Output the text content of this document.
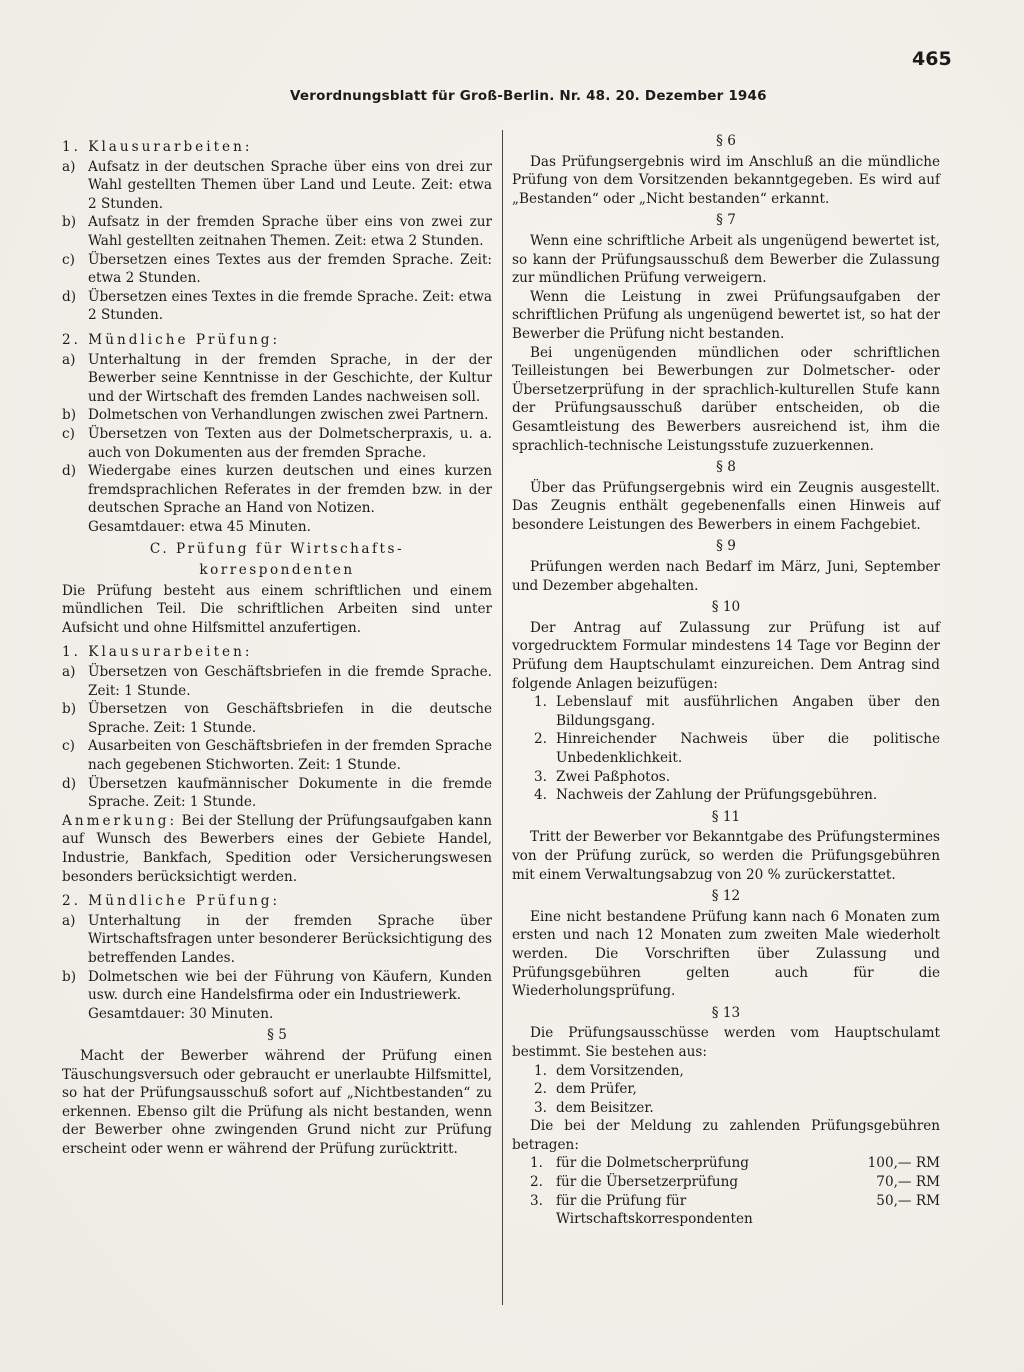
465
Verordnungsblatt für Groß-Berlin. Nr. 48. 20. Dezember 1946

1. Klausurarbeiten:

a) Aufsatz in der deutschen Sprache über eins von drei zur Wahl gestellten Themen über Land und Leute. Zeit: etwa 2 Stunden.
b) Aufsatz in der fremden Sprache über eins von zwei zur Wahl gestellten zeitnahen Themen. Zeit: etwa 2 Stunden.
c) Übersetzen eines Textes aus der fremden Sprache. Zeit: etwa 2 Stunden.
d) Übersetzen eines Textes in die fremde Sprache. Zeit: etwa 2 Stunden.

2. Mündliche Prüfung:

a) Unterhaltung in der fremden Sprache, in der der Bewerber seine Kenntnisse in der Geschichte, der Kultur und der Wirtschaft des fremden Landes nachweisen soll.
b) Dolmetschen von Verhandlungen zwischen zwei Partnern.
c) Übersetzen von Texten aus der Dolmetscherpraxis, u. a. auch von Dokumenten aus der fremden Sprache.
d) Wiedergabe eines kurzen deutschen und eines kurzen fremdsprachlichen Referates in der fremden bzw. in der deutschen Sprache an Hand von Notizen.
Gesamtdauer: etwa 45 Minuten.

C. Prüfung für Wirtschafts-

korrespondenten

Die Prüfung besteht aus einem schriftlichen und einem mündlichen Teil. Die schriftlichen Arbeiten sind unter Aufsicht und ohne Hilfsmittel anzufertigen.

1. Klausurarbeiten:

a) Übersetzen von Geschäftsbriefen in die fremde Sprache. Zeit: 1 Stunde.
b) Übersetzen von Geschäftsbriefen in die deutsche Sprache. Zeit: 1 Stunde.
c) Ausarbeiten von Geschäftsbriefen in der fremden Sprache nach gegebenen Stichworten. Zeit: 1 Stunde.
d) Übersetzen kaufmännischer Dokumente in die fremde Sprache. Zeit: 1 Stunde.

Anmerkung: Bei der Stellung der Prüfungsaufgaben kann auf Wunsch des Bewerbers eines der Gebiete Handel, Industrie, Bankfach, Spedition oder Versicherungswesen besonders berücksichtigt werden.

2. Mündliche Prüfung:

a) Unterhaltung in der fremden Sprache über Wirtschaftsfragen unter besonderer Berücksichtigung des betreffenden Landes.
b) Dolmetschen wie bei der Führung von Käufern, Kunden usw. durch eine Handelsfirma oder ein Industriewerk.
Gesamtdauer: 30 Minuten.

§ 5

Macht der Bewerber während der Prüfung einen Täuschungsversuch oder gebraucht er unerlaubte Hilfsmittel, so hat der Prüfungsausschuß sofort auf „Nichtbestanden“ zu erkennen. Ebenso gilt die Prüfung als nicht bestanden, wenn der Bewerber ohne zwingenden Grund nicht zur Prüfung erscheint oder wenn er während der Prüfung zurücktritt.

§ 6

Das Prüfungsergebnis wird im Anschluß an die mündliche Prüfung von dem Vorsitzenden bekanntgegeben. Es wird auf „Bestanden“ oder „Nicht bestanden“ erkannt.

§ 7

Wenn eine schriftliche Arbeit als ungenügend bewertet ist, so kann der Prüfungsausschuß dem Bewerber die Zulassung zur mündlichen Prüfung verweigern.

Wenn die Leistung in zwei Prüfungsaufgaben der schriftlichen Prüfung als ungenügend bewertet ist, so hat der Bewerber die Prüfung nicht bestanden.

Bei ungenügenden mündlichen oder schriftlichen Teilleistungen bei Bewerbungen zur Dolmetscher- oder Übersetzerprüfung in der sprachlich-kulturellen Stufe kann der Prüfungsausschuß darüber entscheiden, ob die Gesamtleistung des Bewerbers ausreichend ist, ihm die sprachlich-technische Leistungsstufe zuzuerkennen.

§ 8

Über das Prüfungsergebnis wird ein Zeugnis ausgestellt. Das Zeugnis enthält gegebenenfalls einen Hinweis auf besondere Leistungen des Bewerbers in einem Fachgebiet.

§ 9

Prüfungen werden nach Bedarf im März, Juni, September und Dezember abgehalten.

§ 10

Der Antrag auf Zulassung zur Prüfung ist auf vorgedrucktem Formular mindestens 14 Tage vor Beginn der Prüfung dem Hauptschulamt einzureichen. Dem Antrag sind folgende Anlagen beizufügen:

1. Lebenslauf mit ausführlichen Angaben über den Bildungsgang.
2. Hinreichender Nachweis über die politische Unbedenklichkeit.
3. Zwei Paßphotos.
4. Nachweis der Zahlung der Prüfungsgebühren.

§ 11

Tritt der Bewerber vor Bekanntgabe des Prüfungstermines von der Prüfung zurück, so werden die Prüfungsgebühren mit einem Verwaltungsabzug von 20 % zurückerstattet.

§ 12

Eine nicht bestandene Prüfung kann nach 6 Monaten zum ersten und nach 12 Monaten zum zweiten Male wiederholt werden. Die Vorschriften über Zulassung und Prüfungsgebühren gelten auch für die Wiederholungsprüfung.

§ 13

Die Prüfungsausschüsse werden vom Hauptschulamt bestimmt. Sie bestehen aus:

1. dem Vorsitzenden,
2. dem Prüfer,
3. dem Beisitzer.

Die bei der Meldung zu zahlenden Prüfungsgebühren betragen:

1. für die Dolmetscherprüfung	100,— RM
2. für die Übersetzerprüfung	70,— RM
3. für die Prüfung für Wirtschaftskorrespondenten
50,— RM
